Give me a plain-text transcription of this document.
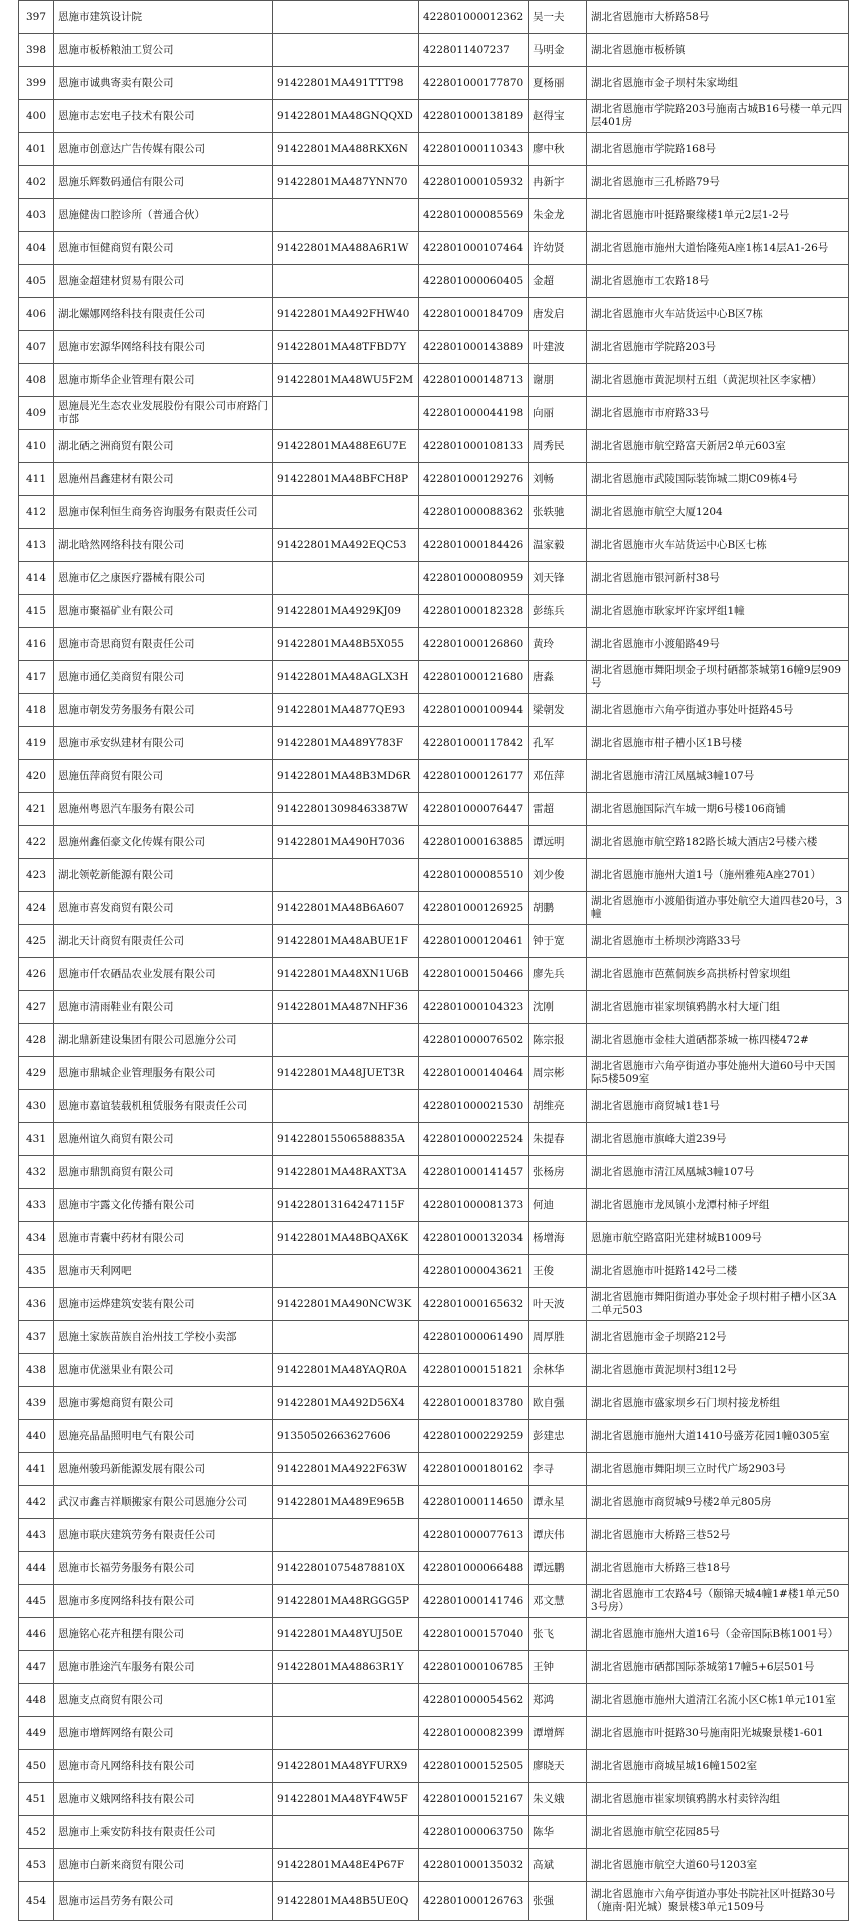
397	恩施市建筑设计院		422801000012362	吴一夫	湖北省恩施市大桥路58号
398	恩施市板桥粮油工贸公司		4228011407237	马明金	湖北省恩施市板桥镇
399	恩施市诚典寄卖有限公司	91422801MA491TTT98	422801000177870	夏杨丽	湖北省恩施市金子坝村朱家坳组
400	恩施市志宏电子技术有限公司	91422801MA48GNQQXD	422801000138189	赵得宝	湖北省恩施市学院路203号施南古城B16号楼一单元四层401房
401	恩施市创意达广告传媒有限公司	91422801MA488RKX6N	422801000110343	廖中秋	湖北省恩施市学院路168号
402	恩施乐辉数码通信有限公司	91422801MA487YNN70	422801000105932	冉新宇	湖北省恩施市三孔桥路79号
403	恩施健齿口腔诊所（普通合伙）		422801000085569	朱金龙	湖北省恩施市叶挺路聚缘楼1单元2层1-2号
404	恩施市恒健商贸有限公司	91422801MA488A6R1W	422801000107464	许幼贤	湖北省恩施市施州大道怡隆苑A座1栋14层A1-26号
405	恩施金超建材贸易有限公司		422801000060405	金超	湖北省恩施市工农路18号
406	湖北嫘娜网络科技有限责任公司	91422801MA492FHW40	422801000184709	唐发启	湖北省恩施市火车站货运中心B区7栋
407	恩施市宏源华网络科技有限公司	91422801MA48TFBD7Y	422801000143889	叶建波	湖北省恩施市学院路203号
408	恩施市斯华企业管理有限公司	91422801MA48WU5F2M	422801000148713	谢朋	湖北省恩施市黄泥坝村五组（黄泥坝社区李家槽）
409	恩施晨光生态农业发展股份有限公司市府路门市部		422801000044198	向丽	湖北省恩施市市府路33号
410	湖北硒之洲商贸有限公司	91422801MA488E6U7E	422801000108133	周秀民	湖北省恩施市航空路富天新居2单元603室
411	恩施州昌鑫建材有限公司	91422801MA48BFCH8P	422801000129276	刘畅	湖北省恩施市武陵国际装饰城二期C09栋4号
412	恩施市保利恒生商务咨询服务有限责任公司		422801000088362	张轶驰	湖北省恩施市航空大厦1204
413	湖北晗然网络科技有限公司	91422801MA492EQC53	422801000184426	温家毅	湖北省恩施市火车站货运中心B区七栋
414	恩施市亿之康医疗器械有限公司		422801000080959	刘天锋	湖北省恩施市银河新村38号
415	恩施市聚福矿业有限公司	91422801MA4929KJ09	422801000182328	彭练兵	湖北省恩施市耿家坪许家坪组1幢
416	恩施市奇思商贸有限责任公司	91422801MA48B5X055	422801000126860	黄玲	湖北省恩施市小渡船路49号
417	恩施市通亿美商贸有限公司	91422801MA48AGLX3H	422801000121680	唐淼	湖北省恩施市舞阳坝金子坝村硒都茶城第16幢9层909号
418	恩施市朝发劳务服务有限公司	91422801MA4877QE93	422801000100944	梁朝发	湖北省恩施市六角亭街道办事处叶挺路45号
419	恩施市承安纵建材有限公司	91422801MA489Y783F	422801000117842	孔军	湖北省恩施市柑子槽小区1B号楼
420	恩施伍萍商贸有限公司	91422801MA48B3MD6R	422801000126177	邓伍萍	湖北省恩施市清江凤凰城3幢107号
421	恩施州粤恩汽车服务有限公司	914228013098463387W	422801000076447	雷超	湖北省恩施国际汽车城一期6号楼106商铺
422	恩施州鑫佰豪文化传媒有限公司	91422801MA490H7036	422801000163885	谭远明	湖北省恩施市航空路182路长城大酒店2号楼六楼
423	湖北领乾新能源有限公司		422801000085510	刘少俊	湖北省恩施市施州大道1号（施州雅苑A座2701）
424	恩施市喜发商贸有限公司	91422801MA48B6A607	422801000126925	胡鹏	湖北省恩施市小渡船街道办事处航空大道四巷20号，3幢
425	湖北天计商贸有限责任公司	91422801MA48ABUE1F	422801000120461	钟于宽	湖北省恩施市土桥坝沙湾路33号
426	恩施市仟农硒品农业发展有限公司	91422801MA48XN1U6B	422801000150466	廖先兵	湖北省恩施市芭蕉侗族乡高拱桥村曾家坝组
427	恩施市清雨鞋业有限公司	91422801MA487NHF36	422801000104323	沈刚	湖北省恩施市崔家坝镇鸦鹊水村大垭门组
428	湖北鼎新建设集团有限公司恩施分公司		422801000076502	陈宗报	湖北省恩施市金桂大道硒都茶城一栋四楼472#
429	恩施市鼎城企业管理服务有限公司	91422801MA48JUET3R	422801000140464	周宗彬	湖北省恩施市六角亭街道办事处施州大道60号中天国际5楼509室
430	恩施市嘉谊装载机租赁服务有限责任公司		422801000021530	胡维亮	湖北省恩施市商贸城1巷1号
431	恩施州谊久商贸有限公司	914228015506588835A	422801000022524	朱提春	湖北省恩施市旗峰大道239号
432	恩施市鼎凯商贸有限公司	91422801MA48RAXT3A	422801000141457	张杨房	湖北省恩施市清江凤凰城3幢107号
433	恩施市宇露文化传播有限公司	914228013164247115F	422801000081373	何迪	湖北省恩施市龙凤镇小龙潭村柿子坪组
434	恩施市青囊中药材有限公司	91422801MA48BQAX6K	422801000132034	杨增海	恩施市航空路富阳光建材城B1009号
435	恩施市天利网吧		422801000043621	王俊	湖北省恩施市叶挺路142号二楼
436	恩施市运烨建筑安装有限公司	91422801MA490NCW3K	422801000165632	叶天波	湖北省恩施市舞阳街道办事处金子坝村柑子槽小区3A二单元503
437	恩施土家族苗族自治州技工学校小卖部		422801000061490	周厚胜	湖北省恩施市金子坝路212号
438	恩施市优滋果业有限公司	91422801MA48YAQR0A	422801000151821	余林华	湖北省恩施市黄泥坝村3组12号
439	恩施市雾熄商贸有限公司	91422801MA492D56X4	422801000183780	欧自强	湖北省恩施市盛家坝乡石门坝村接龙桥组
440	恩施亮晶晶照明电气有限公司	91350502663627606	422801000229259	彭建忠	湖北省恩施市施州大道1410号盛芳花园1幢0305室
441	恩施州骏玛新能源发展有限公司	91422801MA4922F63W	422801000180162	李寻	湖北省恩施市舞阳坝三立时代广场2903号
442	武汉市鑫吉祥顺搬家有限公司恩施分公司	91422801MA489E965B	422801000114650	谭永星	湖北省恩施市商贸城9号楼2单元805房
443	恩施市联庆建筑劳务有限责任公司		422801000077613	谭庆伟	湖北省恩施市大桥路三巷52号
444	恩施市长福劳务服务有限公司	914228010754878810X	422801000066488	谭远鹏	湖北省恩施市大桥路三巷18号
445	恩施市多度网络科技有限公司	91422801MA48RGGG5P	422801000141746	邓文慧	湖北省恩施市工农路4号（颐锦天城4幢1#楼1单元503号房）
446	恩施铭心花卉租摆有限公司	91422801MA48YUJ50E	422801000157040	张飞	湖北省恩施市施州大道16号（金帝国际B栋1001号）
447	恩施市胜途汽车服务有限公司	91422801MA48863R1Y	422801000106785	王钟	湖北省恩施市硒都国际茶城第17幢5+6层501号
448	恩施支点商贸有限公司		422801000054562	郑鸿	湖北省恩施市施州大道清江名流小区C栋1单元101室
449	恩施市增辉网络有限公司		422801000082399	谭增辉	湖北省恩施市叶挺路30号施南阳光城聚景楼1-601
450	恩施市奇凡网络科技有限公司	91422801MA48YFURX9	422801000152505	廖晓天	湖北省恩施市商城星城16幢1502室
451	恩施市义娥网络科技有限公司	91422801MA48YF4W5F	422801000152167	朱义娥	湖北省恩施市崔家坝镇鸦鹊水村卖锌沟组
452	恩施市上乘安防科技有限责任公司		422801000063750	陈华	湖北省恩施市航空花园85号
453	恩施市白新来商贸有限公司	91422801MA48E4P67F	422801000135032	高斌	湖北省恩施市航空大道60号1203室
454	恩施市运昌劳务有限公司	91422801MA48B5UE0Q	422801000126763	张强	湖北省恩施市六角亭街道办事处书院社区叶挺路30号（施南·阳光城）聚景楼3单元1509号
